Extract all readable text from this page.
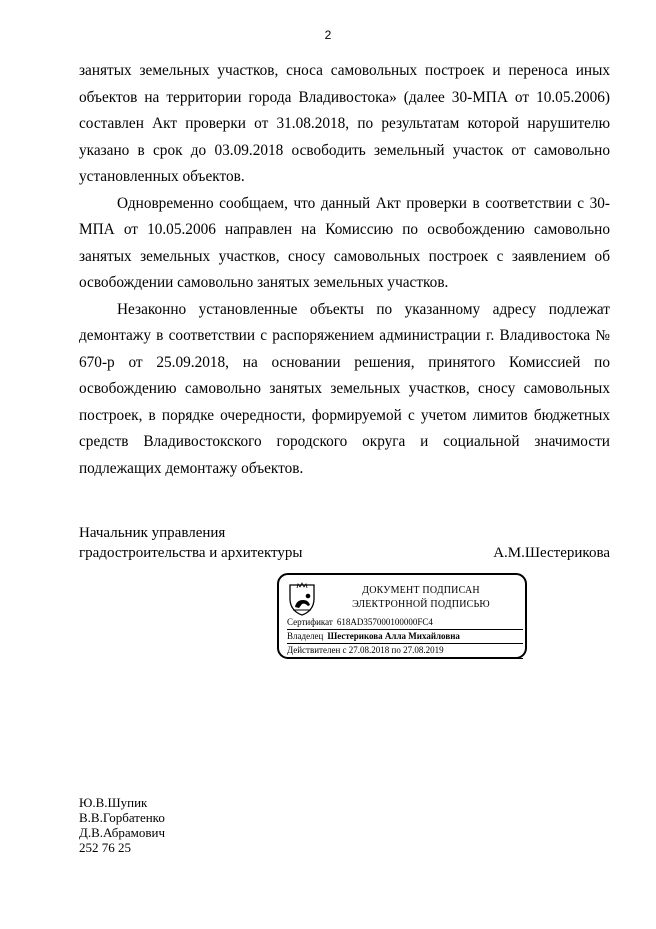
2

занятых земельных участков, сноса самовольных построек и переноса иных объектов на территории города Владивостока» (далее 30-МПА от 10.05.2006) составлен Акт проверки от 31.08.2018, по результатам которой нарушителю указано в срок до 03.09.2018 освободить земельный участок от самовольно установленных объектов.

Одновременно сообщаем, что данный Акт проверки в соответствии с 30-МПА от 10.05.2006 направлен на Комиссию по освобождению самовольно занятых земельных участков, сносу самовольных построек с заявлением об освобождении самовольно занятых земельных участков.

Незаконно установленные объекты по указанному адресу подлежат демонтажу в соответствии с распоряжением администрации г. Владивостока № 670-р от 25.09.2018, на основании решения, принятого Комиссией по освобождению самовольно занятых земельных участков, сносу самовольных построек, в порядке очередности, формируемой с учетом лимитов бюджетных средств Владивостокского городского округа и социальной значимости подлежащих демонтажу объектов.

Начальник управления
градостроительства и архитектуры	А.М.Шестерикова
ДОКУМЕНТ ПОДПИСАН
ЭЛЕКТРОННОЙ ПОДПИСЬЮ
Сертификат 618AD357000100000FC4
Владелец Шестерикова Алла Михайловна
Действителен с 27.08.2018 по 27.08.2019
Ю.В.Шупик
В.В.Горбатенко
Д.В.Абрамович
252 76 25
